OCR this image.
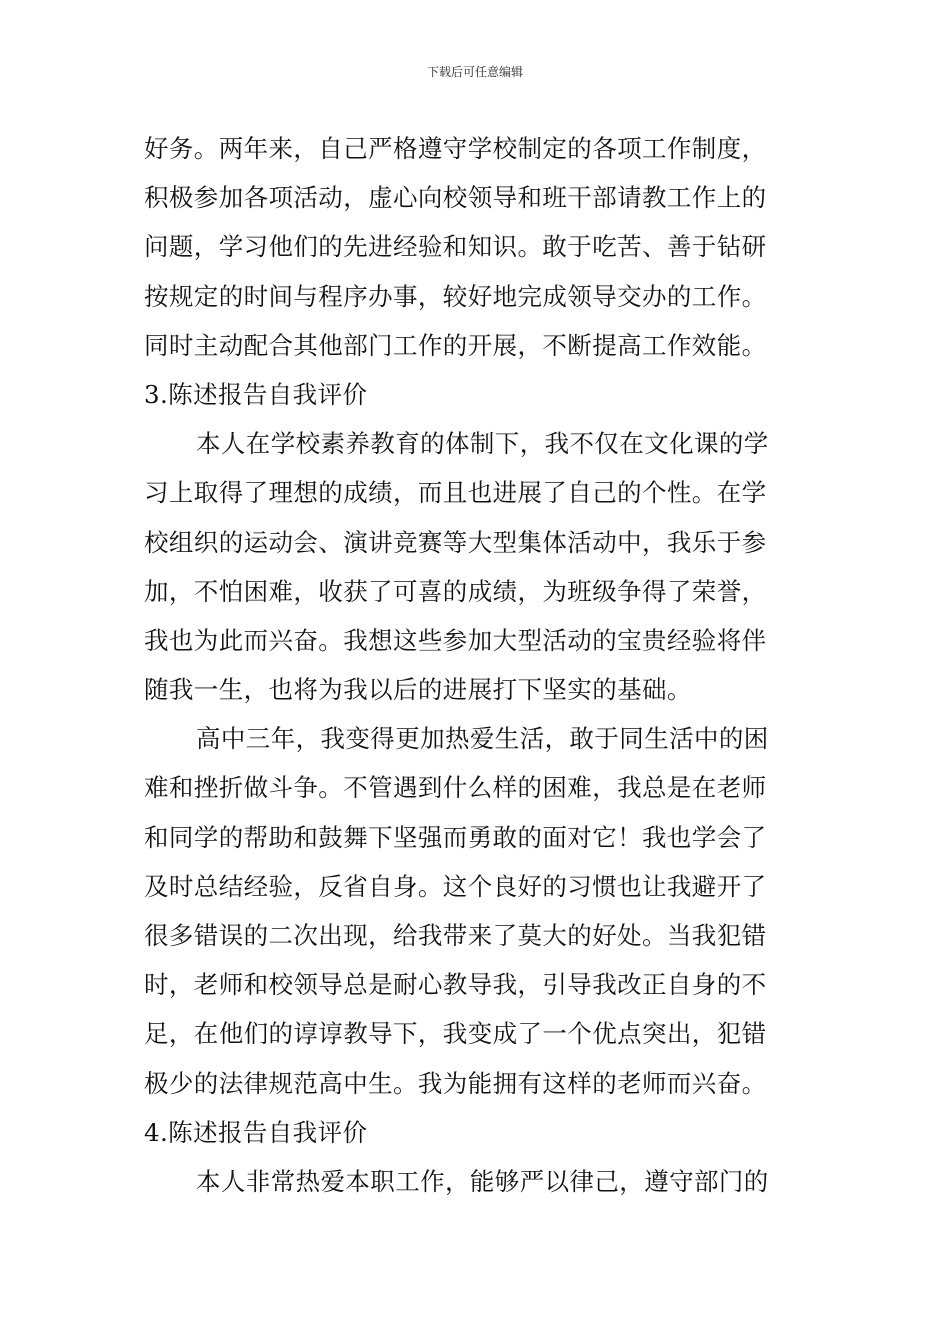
下载后可任意编辑
好务。两年来，自己严格遵守学校制定的各项工作制度，
积极参加各项活动，虚心向校领导和班干部请教工作上的
问题，学习他们的先进经验和知识。敢于吃苦、善于钻研
按规定的时间与程序办事，较好地完成领导交办的工作。
同时主动配合其他部门工作的开展，不断提高工作效能。
3.陈述报告自我评价
本人在学校素养教育的体制下，我不仅在文化课的学
习上取得了理想的成绩，而且也进展了自己的个性。在学
校组织的运动会、演讲竞赛等大型集体活动中，我乐于参
加，不怕困难，收获了可喜的成绩，为班级争得了荣誉，
我也为此而兴奋。我想这些参加大型活动的宝贵经验将伴
随我一生，也将为我以后的进展打下坚实的基础。
高中三年，我变得更加热爱生活，敢于同生活中的困
难和挫折做斗争。不管遇到什么样的困难，我总是在老师
和同学的帮助和鼓舞下坚强而勇敢的面对它！我也学会了
及时总结经验，反省自身。这个良好的习惯也让我避开了
很多错误的二次出现，给我带来了莫大的好处。当我犯错
时，老师和校领导总是耐心教导我，引导我改正自身的不
足，在他们的谆谆教导下，我变成了一个优点突出，犯错
极少的法律规范高中生。我为能拥有这样的老师而兴奋。
4.陈述报告自我评价
本人非常热爱本职工作，能够严以律己，遵守部门的
